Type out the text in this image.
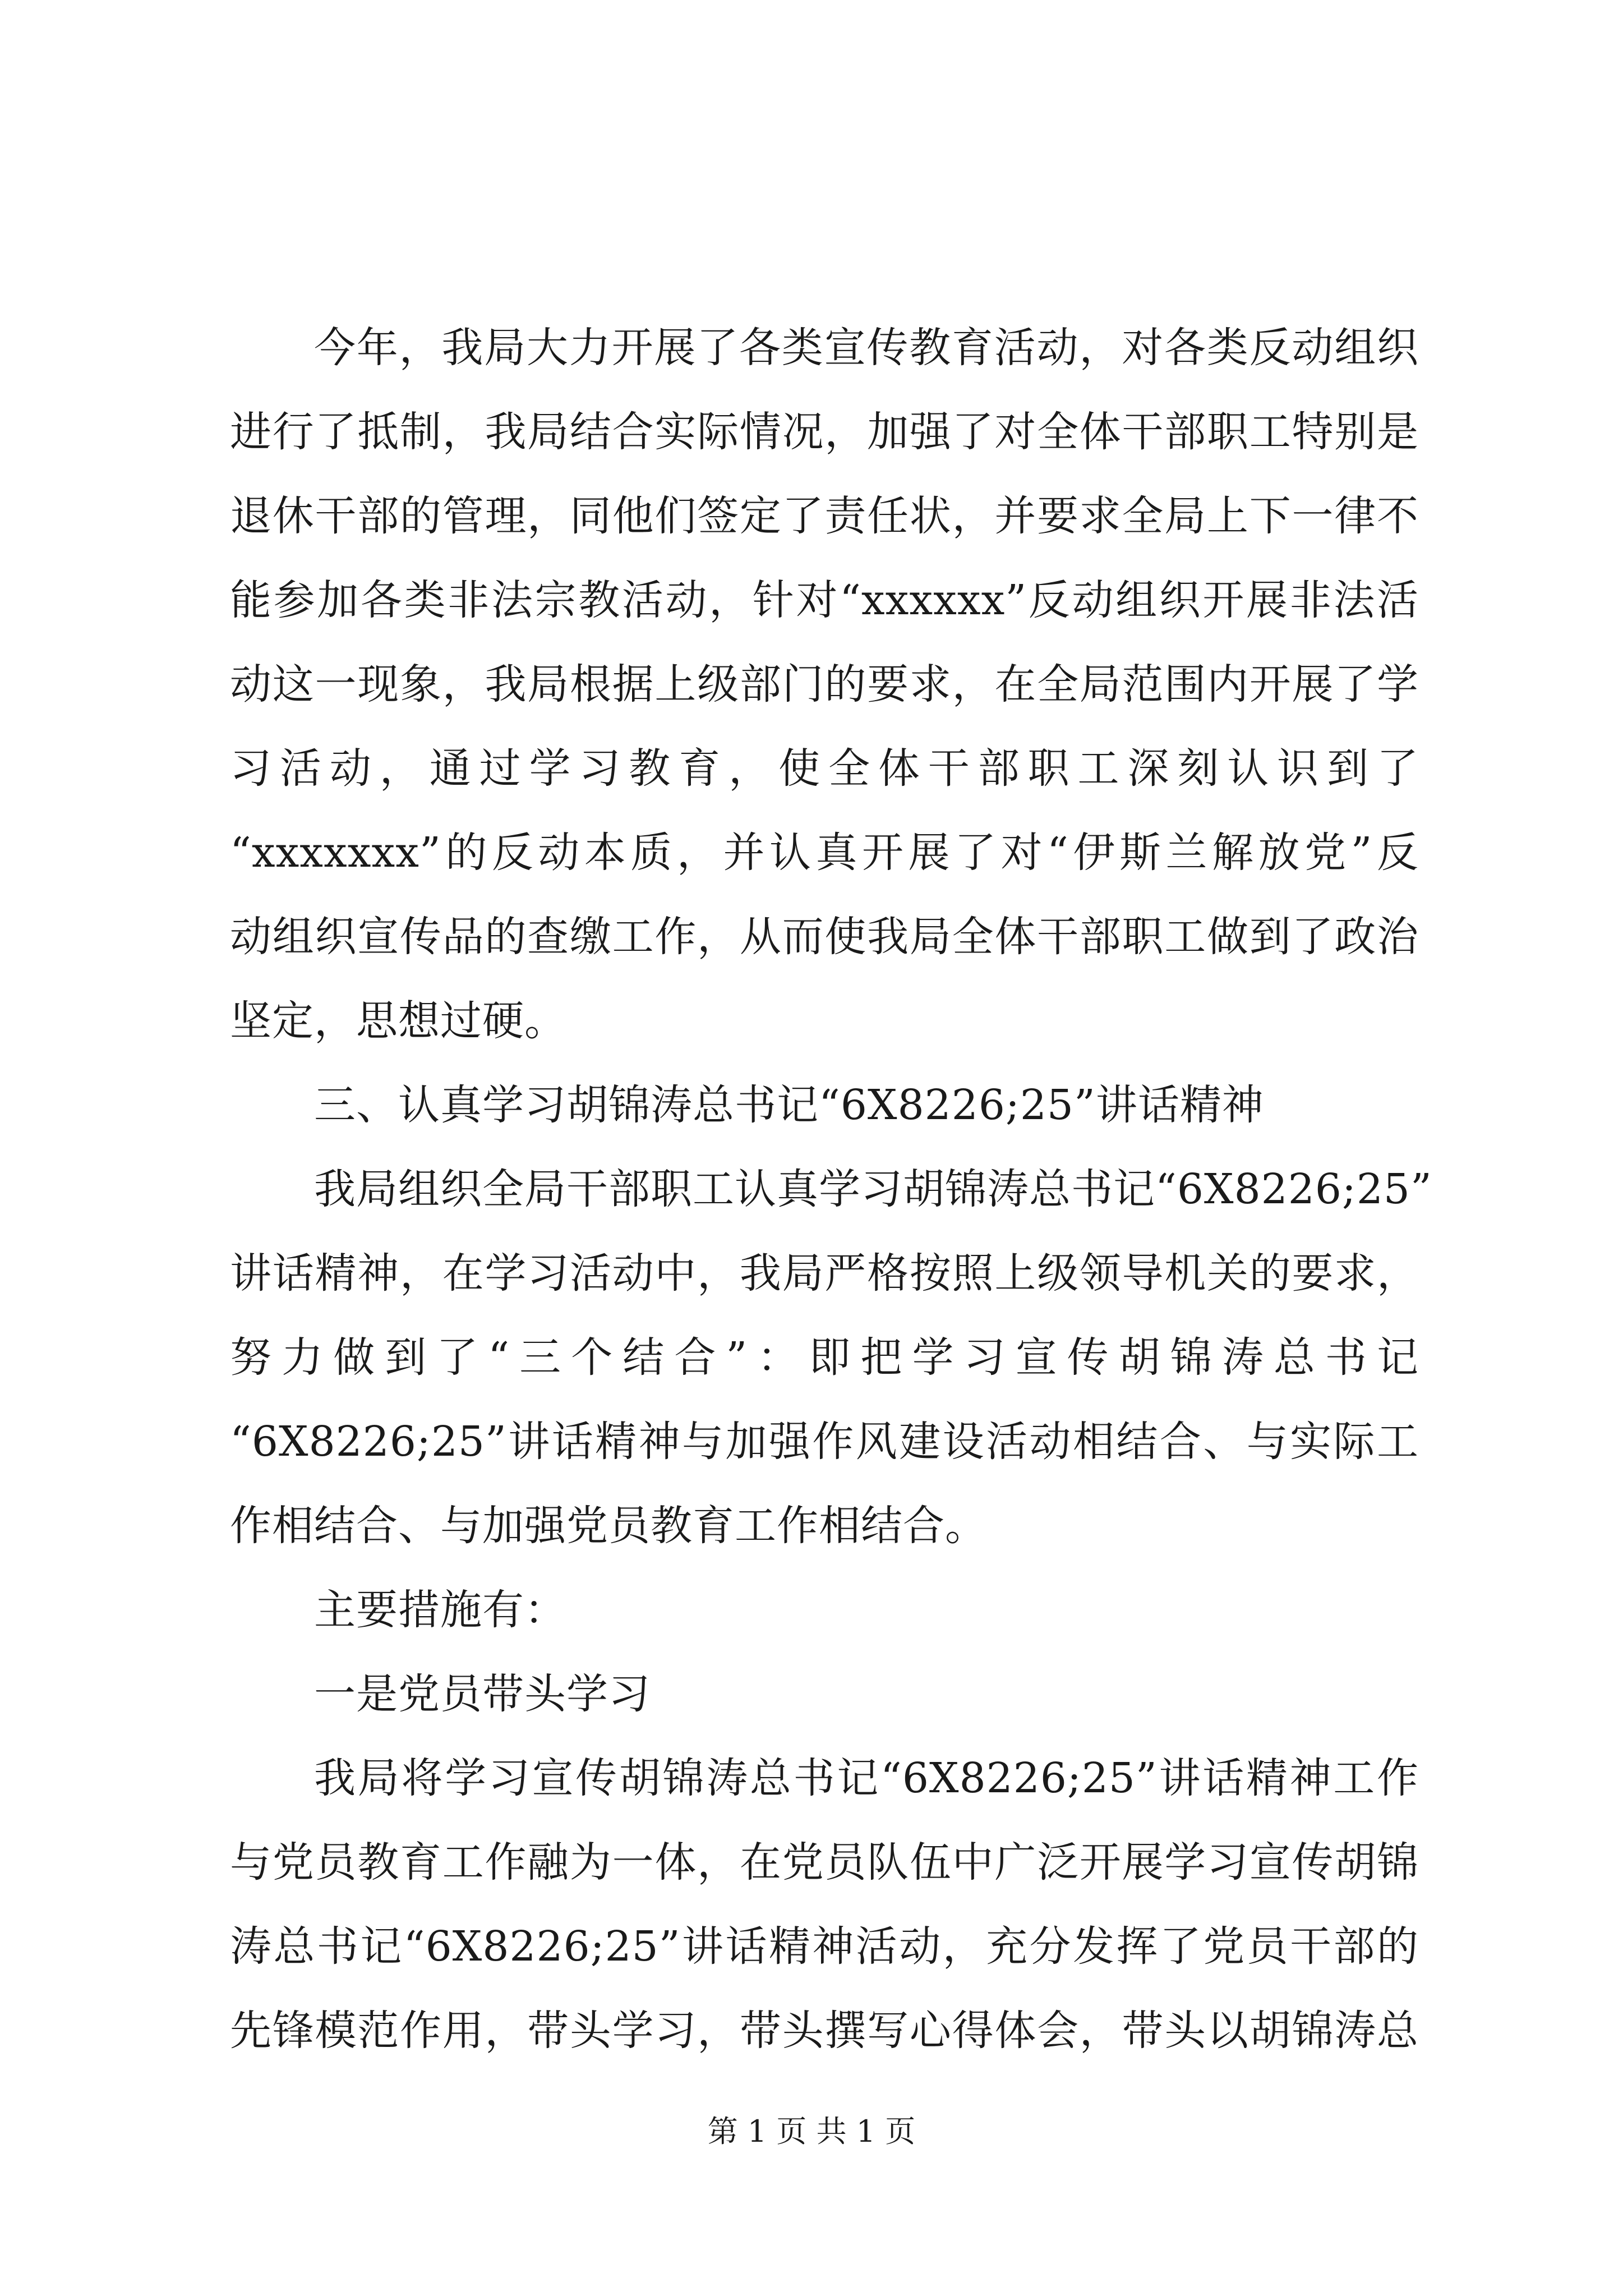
今年，我局大力开展了各类宣传教育活动，对各类反动组织
进行了抵制，我局结合实际情况，加强了对全体干部职工特别是
退休干部的管理，同他们签定了责任状，并要求全局上下一律不
能参加各类非法宗教活动，针对“xxxxxx”反动组织开展非法活
动这一现象，我局根据上级部门的要求，在全局范围内开展了学
习活动，通过学习教育，使全体干部职工深刻认识到了
“xxxxxxx”的反动本质，并认真开展了对“伊斯兰解放党”反
动组织宣传品的查缴工作，从而使我局全体干部职工做到了政治
坚定，思想过硬。
三、认真学习胡锦涛总书记“6X8226;25”讲话精神
我局组织全局干部职工认真学习胡锦涛总书记“6X8226;25”
讲话精神，在学习活动中，我局严格按照上级领导机关的要求，
努力做到了“三个结合”：即把学习宣传胡锦涛总书记
“6X8226;25”讲话精神与加强作风建设活动相结合、与实际工
作相结合、与加强党员教育工作相结合。
主要措施有：
一是党员带头学习
我局将学习宣传胡锦涛总书记“6X8226;25”讲话精神工作
与党员教育工作融为一体，在党员队伍中广泛开展学习宣传胡锦
涛总书记“6X8226;25”讲话精神活动，充分发挥了党员干部的
先锋模范作用，带头学习，带头撰写心得体会，带头以胡锦涛总
第 1 页 共 1 页
